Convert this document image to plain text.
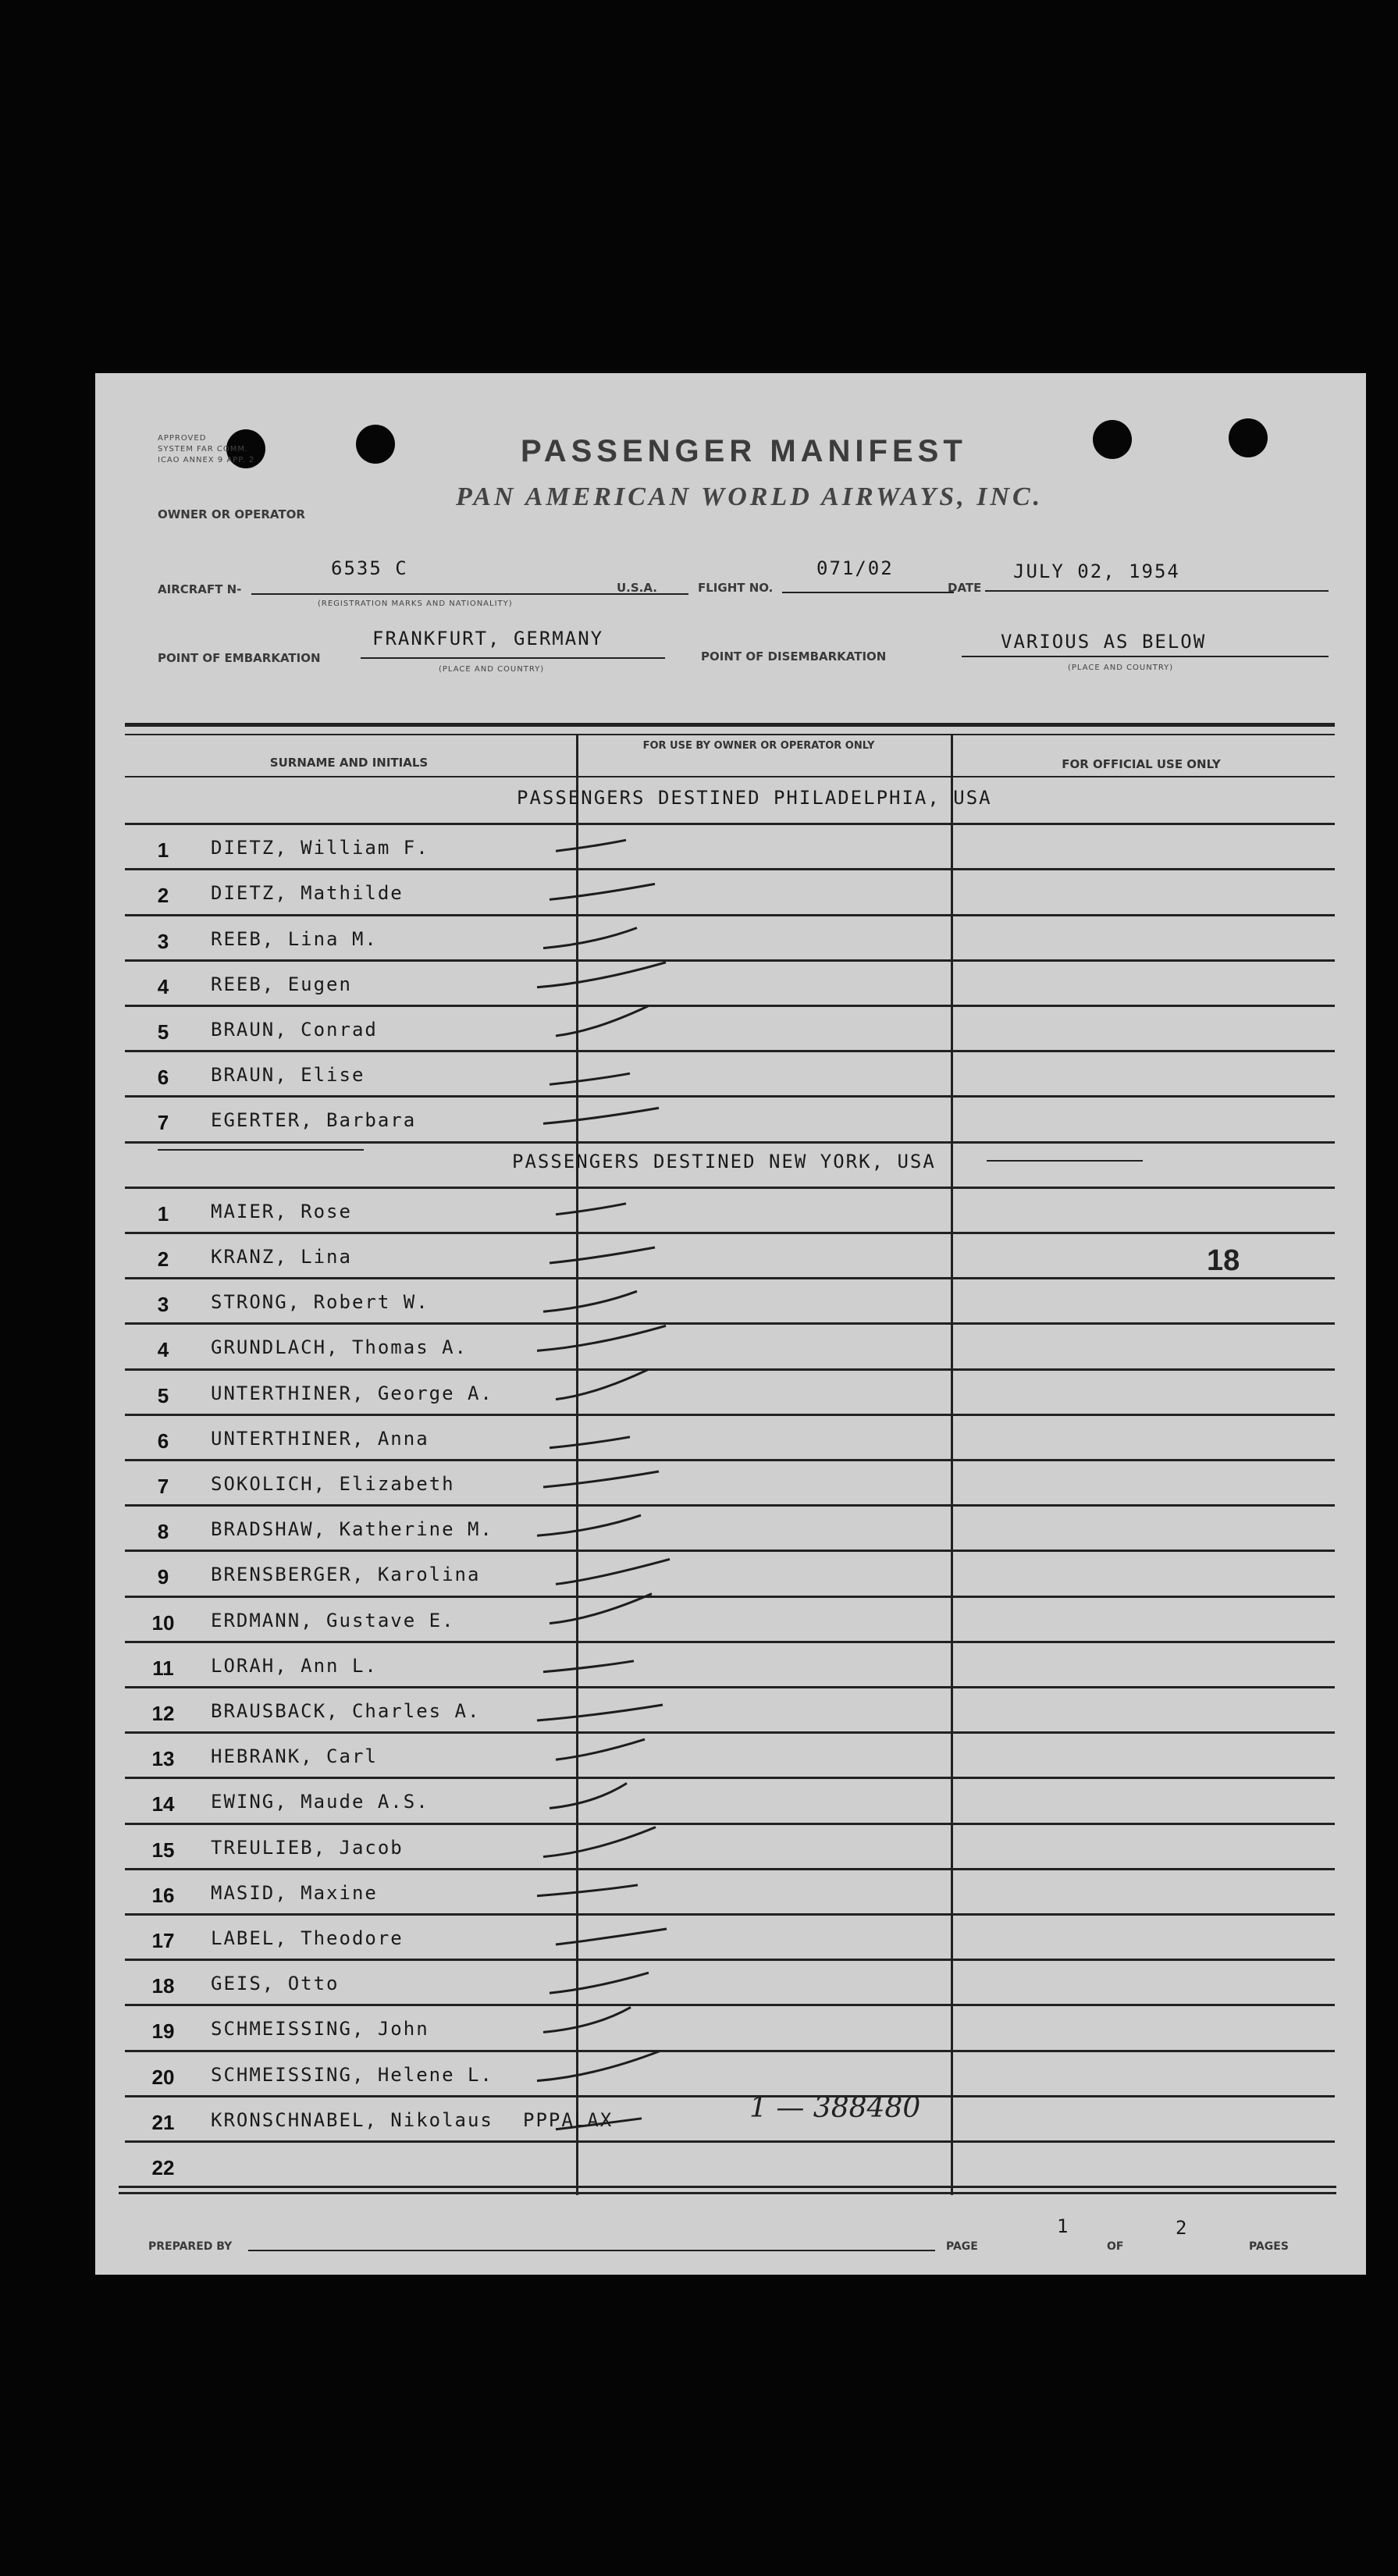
APPROVED
SYSTEM FAR COMM.
ICAO ANNEX 9 APP. 2	PASSENGER MANIFEST
PAN AMERICAN WORLD AIRWAYS, INC.
OWNER OR OPERATOR
AIRCRAFT N-
6535 C
(REGISTRATION MARKS AND NATIONALITY)
U.S.A.	FLIGHT NO.
071/02
DATE
JULY 02, 1954
POINT OF EMBARKATION
FRANKFURT, GERMANY
(PLACE AND COUNTRY)
POINT OF DISEMBARKATION
VARIOUS AS BELOW
(PLACE AND COUNTRY)
SURNAME AND INITIALS
FOR USE BY OWNER OR OPERATOR ONLY
FOR OFFICIAL USE ONLY
PASSENGERS DESTINED PHILADELPHIA, USA
1	DIETZ, William F.
2	DIETZ, Mathilde
3	REEB, Lina M.
4	REEB, Eugen
5	BRAUN, Conrad
6	BRAUN, Elise
7	EGERTER, Barbara
PASSENGERS DESTINED NEW YORK, USA
1	MAIER, Rose
2	KRANZ, Lina
3	STRONG, Robert W.
4	GRUNDLACH, Thomas A.
5	UNTERTHINER, George A.
6	UNTERTHINER, Anna
7	SOKOLICH, Elizabeth
8	BRADSHAW, Katherine M.
9	BRENSBERGER, Karolina
10	ERDMANN, Gustave E.
11	LORAH, Ann L.
12	BRAUSBACK, Charles A.
13	HEBRANK, Carl
14	EWING, Maude A.S.
15	TREULIEB, Jacob
16	MASID, Maxine
17	LABEL, Theodore
18	GEIS, Otto
19	SCHMEISSING, John
20	SCHMEISSING, Helene L.
21	KRONSCHNABEL, Nikolaus PPPALAX
22
18
1 — 388480
PREPARED BY	PAGE
1
OF
2
PAGES
